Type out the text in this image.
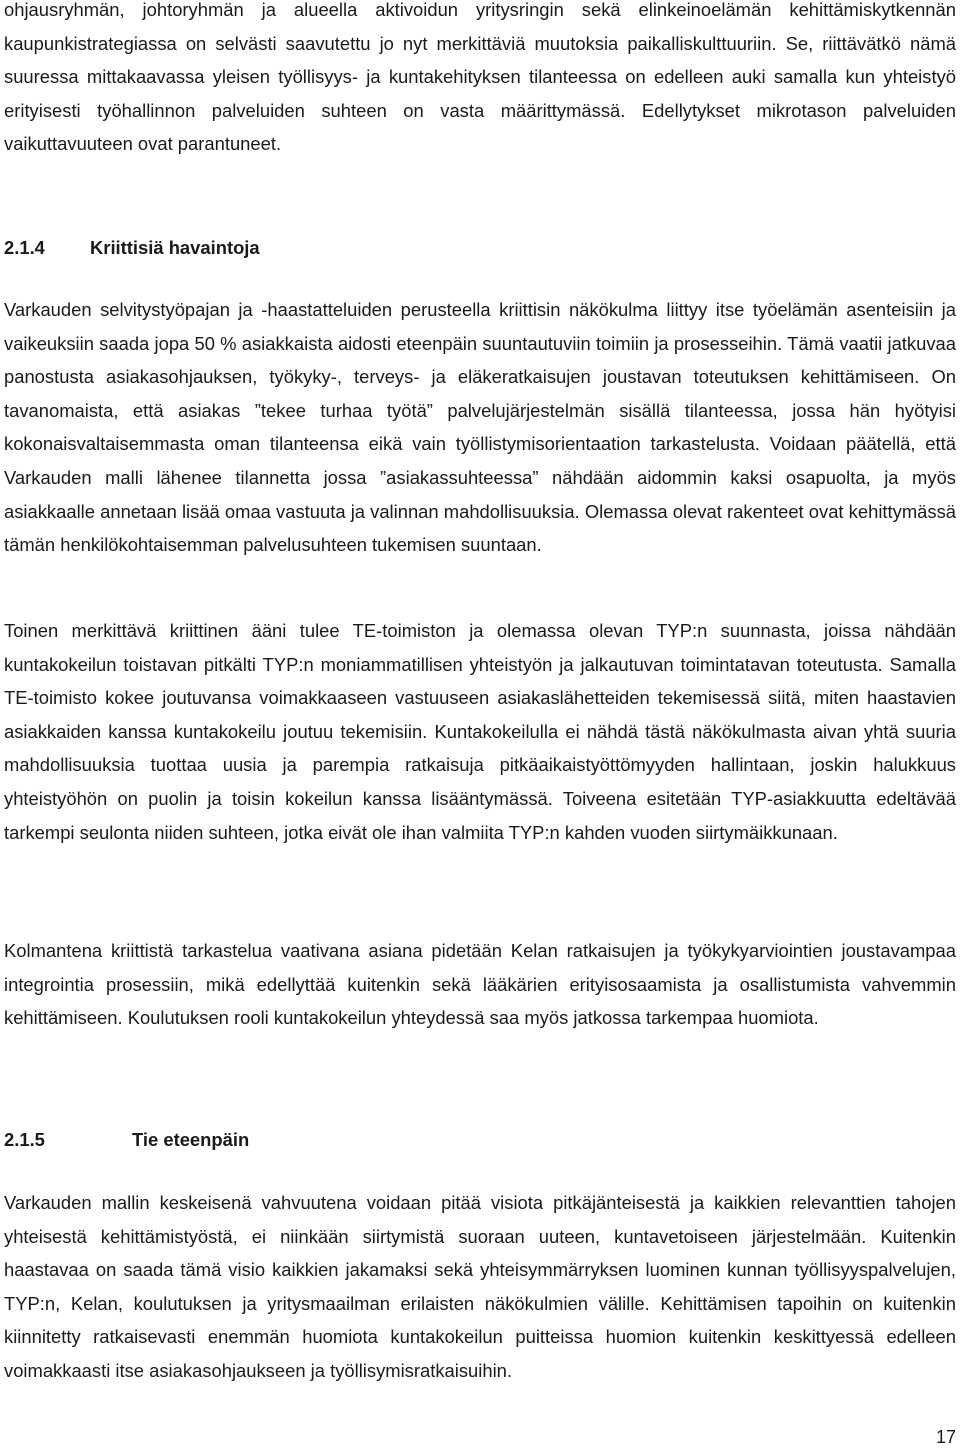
ohjausryhmän, johtoryhmän ja alueella aktivoidun yritysringin sekä elinkeinoelämän kehittämiskytkennän kaupunkistrategiassa on selvästi saavutettu jo nyt merkittäviä muutoksia paikalliskulttuuriin. Se, riittävätkö nämä suuressa mittakaavassa yleisen työllisyys- ja kuntakehityksen tilanteessa on edelleen auki samalla kun yhteistyö erityisesti työhallinnon palveluiden suhteen on vasta määrittymässä. Edellytykset mikrotason palveluiden vaikuttavuuteen ovat parantuneet.

2.1.4 Kriittisiä havaintoja

Varkauden selvitystyöpajan ja -haastatteluiden perusteella kriittisin näkökulma liittyy itse työelämän asenteisiin ja vaikeuksiin saada jopa 50 % asiakkaista aidosti eteenpäin suuntautuviin toimiin ja prosesseihin. Tämä vaatii jatkuvaa panostusta asiakasohjauksen, työkyky-, terveys- ja eläkeratkaisujen joustavan toteutuksen kehittämiseen. On tavanomaista, että asiakas ”tekee turhaa työtä” palvelujärjestelmän sisällä tilanteessa, jossa hän hyötyisi kokonaisvaltaisemmasta oman tilanteensa eikä vain työllistymisorientaation tarkastelusta. Voidaan päätellä, että Varkauden malli lähenee tilannetta jossa ”asiakassuhteessa” nähdään aidommin kaksi osapuolta, ja myös asiakkaalle annetaan lisää omaa vastuuta ja valinnan mahdollisuuksia. Olemassa olevat rakenteet ovat kehittymässä tämän henkilökohtaisemman palvelusuhteen tukemisen suuntaan.

Toinen merkittävä kriittinen ääni tulee TE-toimiston ja olemassa olevan TYP:n suunnasta, joissa nähdään kuntakokeilun toistavan pitkälti TYP:n moniammatillisen yhteistyön ja jalkautuvan toimintatavan toteutusta. Samalla TE-toimisto kokee joutuvansa voimakkaaseen vastuuseen asiakaslähetteiden tekemisessä siitä, miten haastavien asiakkaiden kanssa kuntakokeilu joutuu tekemisiin. Kuntakokeilulla ei nähdä tästä näkökulmasta aivan yhtä suuria mahdollisuuksia tuottaa uusia ja parempia ratkaisuja pitkäaikaistyöttömyyden hallintaan, joskin halukkuus yhteistyöhön on puolin ja toisin kokeilun kanssa lisääntymässä. Toiveena esitetään TYP-asiakkuutta edeltävää tarkempi seulonta niiden suhteen, jotka eivät ole ihan valmiita TYP:n kahden vuoden siirtymäikkunaan.

Kolmantena kriittistä tarkastelua vaativana asiana pidetään Kelan ratkaisujen ja työkykyarviointien joustavampaa integrointia prosessiin, mikä edellyttää kuitenkin sekä lääkärien erityisosaamista ja osallistumista vahvemmin kehittämiseen. Koulutuksen rooli kuntakokeilun yhteydessä saa myös jatkossa tarkempaa huomiota.

2.1.5	Tie eteenpäin

Varkauden mallin keskeisenä vahvuutena voidaan pitää visiota pitkäjänteisestä ja kaikkien relevanttien tahojen yhteisestä kehittämistyöstä, ei niinkään siirtymistä suoraan uuteen, kuntavetoiseen järjestelmään. Kuitenkin haastavaa on saada tämä visio kaikkien jakamaksi sekä yhteisymmärryksen luominen kunnan työllisyyspalvelujen, TYP:n, Kelan, koulutuksen ja yritysmaailman erilaisten näkökulmien välille. Kehittämisen tapoihin on kuitenkin kiinnitetty ratkaisevasti enemmän huomiota kuntakokeilun puitteissa huomion kuitenkin keskittyessä edelleen voimakkaasti itse asiakasohjaukseen ja työllisymisratkaisuihin.

17
